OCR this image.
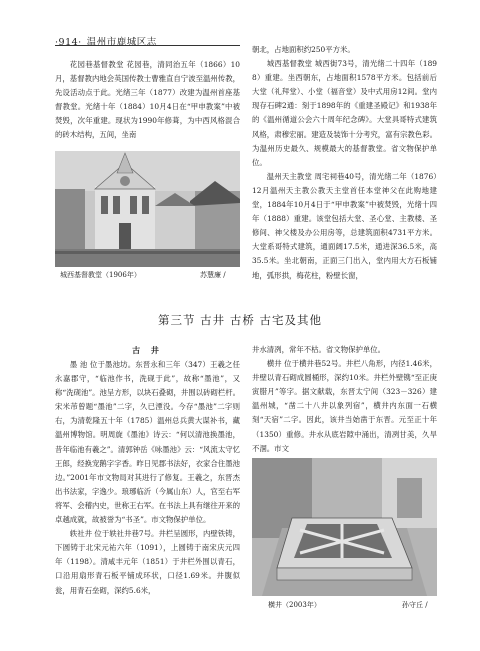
·914· 温州市鹿城区志

花园巷基督教堂 花园巷，清同治五年（1866）10月，基督教内地会英国传教士曹雅直自宁波至温州传教，先设活动点于此。光绪三年（1877）改建为温州首座基督教堂。光绪十年（1884）10月4日在“甲申教案”中被焚毁，次年重建。现状为1990年修葺，为中西风格混合的砖木结构，五间，坐南

城西基督教堂（1906年）	苏慧廉 /

朝北，占地面积约250平方米。

城西基督教堂 城西街73号，清光绪二十四年（1898）重建。坐西朝东，占地面积1578平方米。包括前后大堂（礼拜堂）、小堂（福音堂）及中式用房12间。堂内现存石碑2通：刻于1898年的《重建圣殿记》和1938年的《温州循道公会六十周年纪念碑》。大堂具哥特式建筑风格，肃穆宏丽。建造及装饰十分考究，富有宗教色彩。为温州历史最久、规模最大的基督教堂。省文物保护单位。

温州天主教堂 周宅祠巷40号，清光绪二年（1876）12月温州天主教公教天主堂首任本堂神父在此购地建堂，1884年10月4日于“甲申教案”中被焚毁，光绪十四年（1888）重建。该堂包括大堂、圣心堂、主教楼、圣修间、神父楼及办公用房等，总建筑面积4731平方米。大堂系哥特式建筑，通面阔17.5米，通进深36.5米，高35.5米。坐北朝南，正面三门出入，堂内用大方石板铺地，弧形拱，梅花柱，粉壁长窗，

第三节 古井 古桥 古宅及其他
古 井

墨 池 位于墨池坊。东晋永和三年（347）王羲之任永嘉郡守，“临池作书，洗砚于此”，故称“墨池”，又称“洗砚池”。池呈方形，以块石叠砌，井围以砖砌栏杆。宋米芾曾题“墨池”二字，久已湮没。今存“墨池”二字则右，为清乾隆五十年（1785）温州总兵黄大谋补书，藏温州博物馆。明周旋《墨池》诗云：“何以清池换墨池，昔年临池有羲之”。清郭钟岳《咏墨池》云：“风流太守忆王郎，经换宠鹅字字香。昨日见郡书法好，衣家合住墨池边。”2001年市文物局对其进行了修复。王羲之，东晋杰出书法家，字逸少。琅琊临沂（今属山东）人，官至右军将军、会稽内史，世称王右军。在书法上具有继往开来的卓越成就，故被誉为“书圣”。市文物保护单位。

轶社井 位于轶社井巷7号。井栏呈圆形，内壁铁铸，下圆铸于北宋元祐六年（1091），上圆铸于南宋庆元四年（1198）。清咸丰元年（1851）于井栏外围以青石，口沿用扇形青石板平铺成环状，口径1.69米。井腹似瓮，用青石垒砌，深约5.6米，

井水清冽，常年不枯。省文物保护单位。

横井 位于横井巷52号。井栏八角形，内径1.46米，井壁以青石砌成圆桶形，深约10米。井栏外壁镌“至正庚寅腊月”等字。据文献载，东晋太宁间（323－326）建温州城，“凿二十八井以象列宿”，横井内东面一石横刻“天宿”二字。因此，该井当始凿于东晋。元至正十年（1350）重修。井水从底岩隙中涌出，清冽甘美，久旱不涸。市文

横井（2003年）	孙守丘 /
